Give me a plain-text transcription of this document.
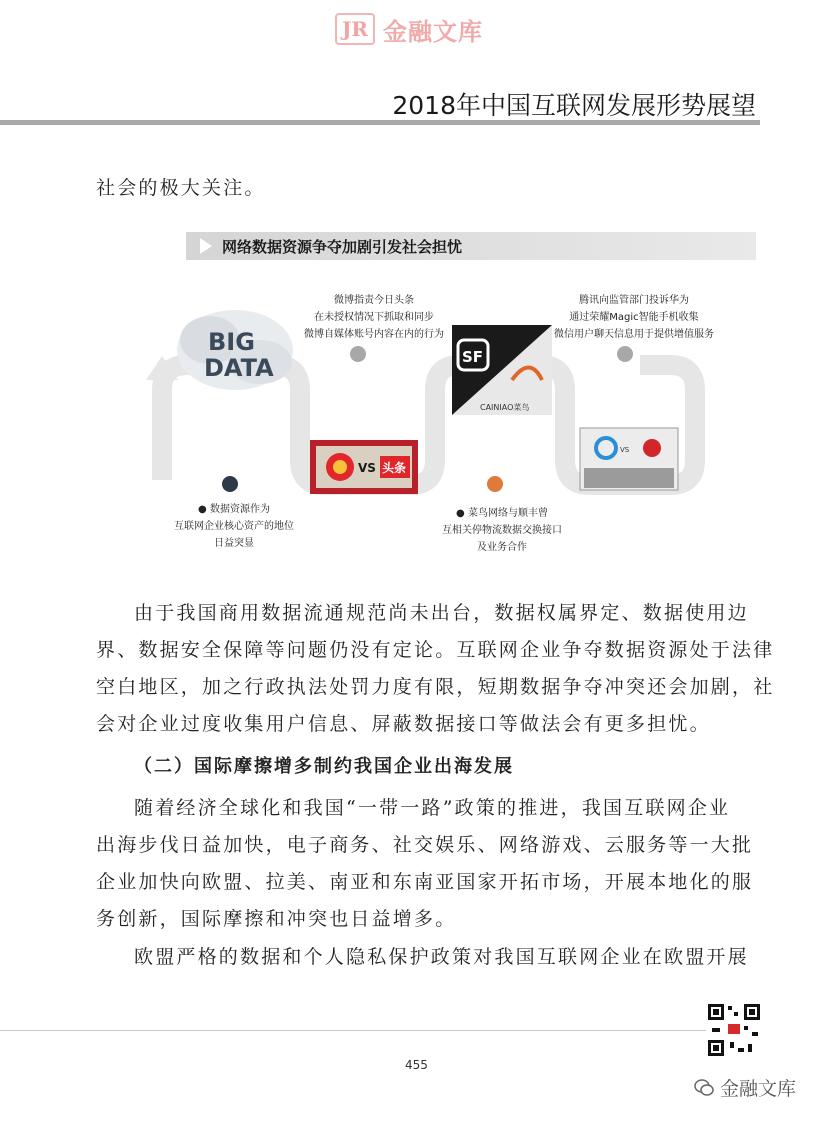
JR 金融文库
2018年中国互联网发展形势展望
社会的极大关注。
网络数据资源争夺加剧引发社会担忧
BIG
DATA
VS 头条
SF
CAINIAO菜鸟
VS
微博指责今日头条
在未授权情况下抓取和同步
微博自媒体账号内容在内的行为
腾讯向监管部门投诉华为
通过荣耀Magic智能手机收集
微信用户聊天信息用于提供增值服务
● 数据资源作为
互联网企业核心资产的地位
日益突显
● 菜鸟网络与顺丰曾
互相关停物流数据交换接口
及业务合作
由于我国商用数据流通规范尚未出台，数据权属界定、数据使用边
界、数据安全保障等问题仍没有定论。互联网企业争夺数据资源处于法律
空白地区，加之行政执法处罚力度有限，短期数据争夺冲突还会加剧，社
会对企业过度收集用户信息、屏蔽数据接口等做法会有更多担忧。
（二）国际摩擦增多制约我国企业出海发展
随着经济全球化和我国“一带一路”政策的推进，我国互联网企业
出海步伐日益加快，电子商务、社交娱乐、网络游戏、云服务等一大批
企业加快向欧盟、拉美、南亚和东南亚国家开拓市场，开展本地化的服
务创新，国际摩擦和冲突也日益增多。
欧盟严格的数据和个人隐私保护政策对我国互联网企业在欧盟开展
455
金融文库
